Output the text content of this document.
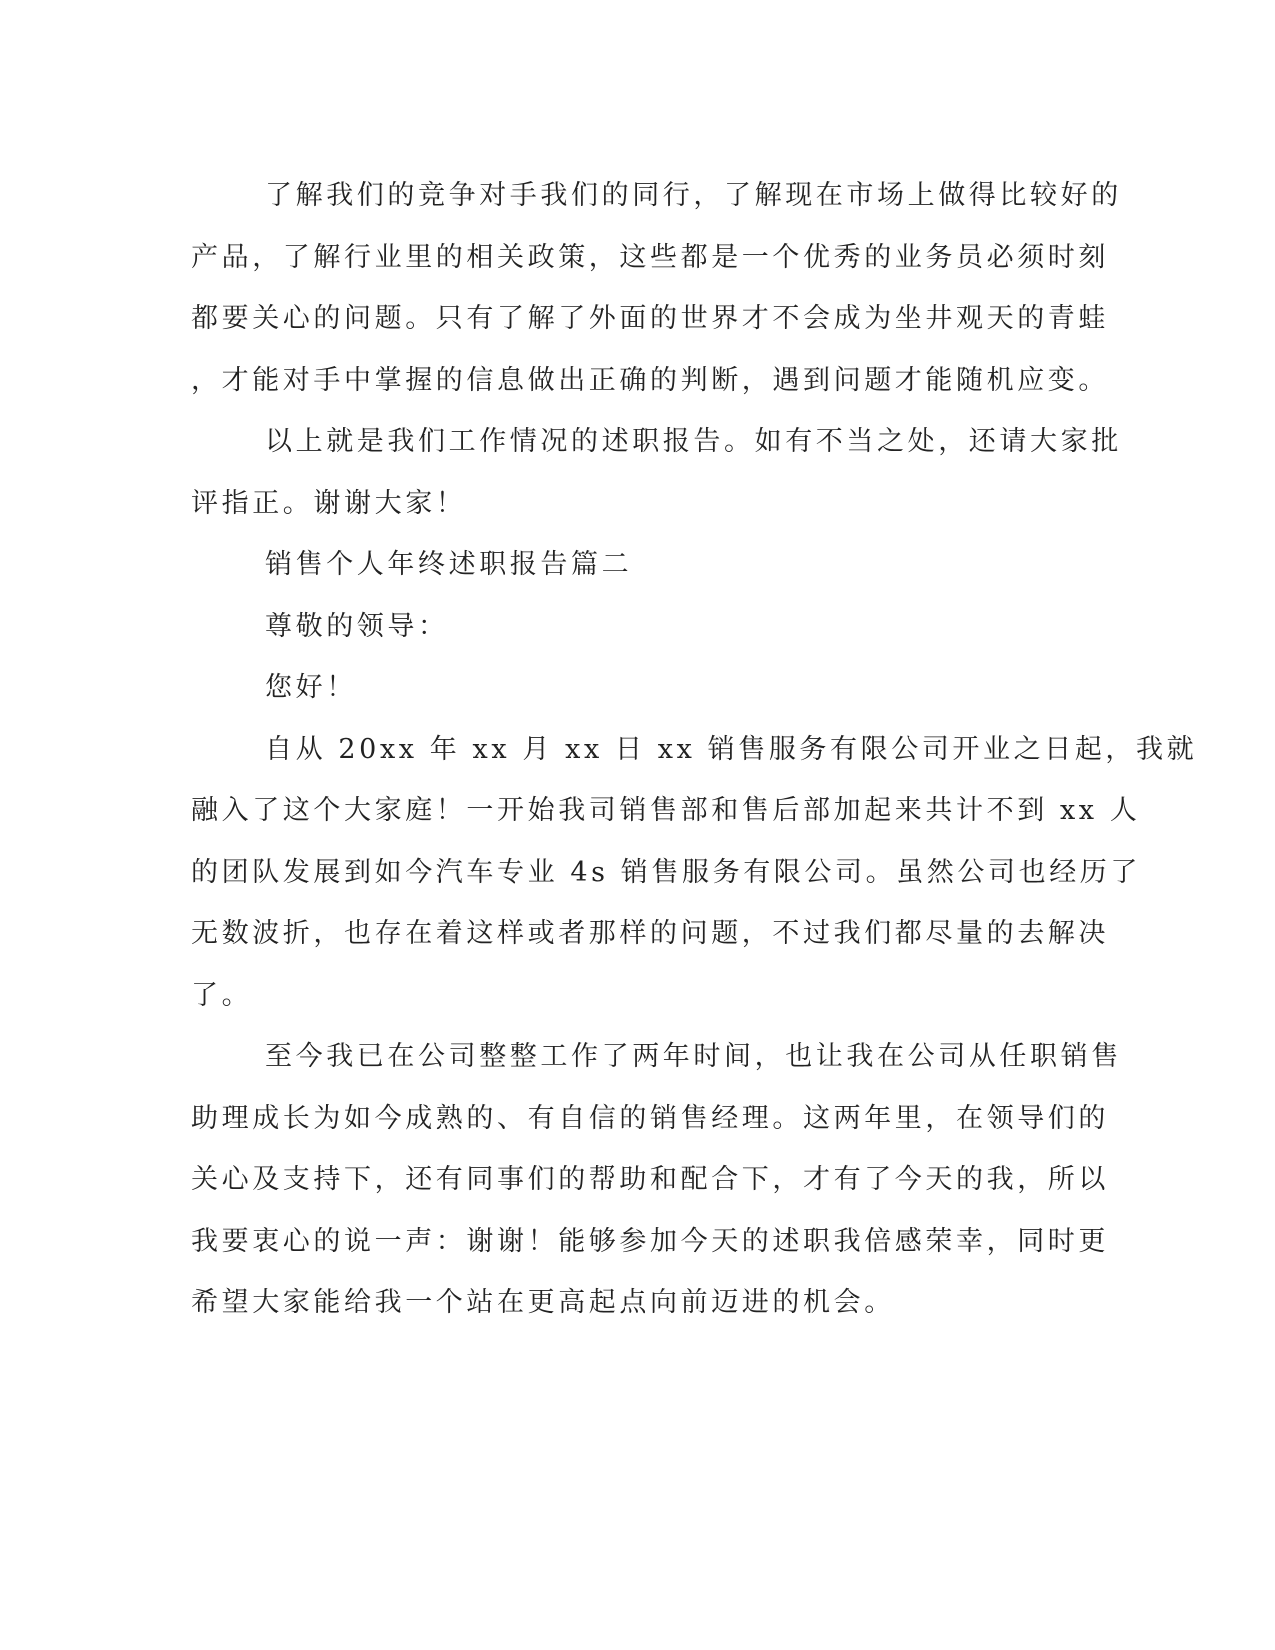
了解我们的竞争对手我们的同行，了解现在市场上做得比较好的
产品，了解行业里的相关政策，这些都是一个优秀的业务员必须时刻
都要关心的问题。只有了解了外面的世界才不会成为坐井观天的青蛙
，才能对手中掌握的信息做出正确的判断，遇到问题才能随机应变。

以上就是我们工作情况的述职报告。如有不当之处，还请大家批
评指正。谢谢大家！

销售个人年终述职报告篇二

尊敬的领导：

您好！

自从 20xx 年 xx 月 xx 日 xx 销售服务有限公司开业之日起，我就
融入了这个大家庭！一开始我司销售部和售后部加起来共计不到 xx 人
的团队发展到如今汽车专业 4s 销售服务有限公司。虽然公司也经历了
无数波折，也存在着这样或者那样的问题，不过我们都尽量的去解决
了。

至今我已在公司整整工作了两年时间，也让我在公司从任职销售
助理成长为如今成熟的、有自信的销售经理。这两年里，在领导们的
关心及支持下，还有同事们的帮助和配合下，才有了今天的我，所以
我要衷心的说一声：谢谢！能够参加今天的述职我倍感荣幸，同时更
希望大家能给我一个站在更高起点向前迈进的机会。
